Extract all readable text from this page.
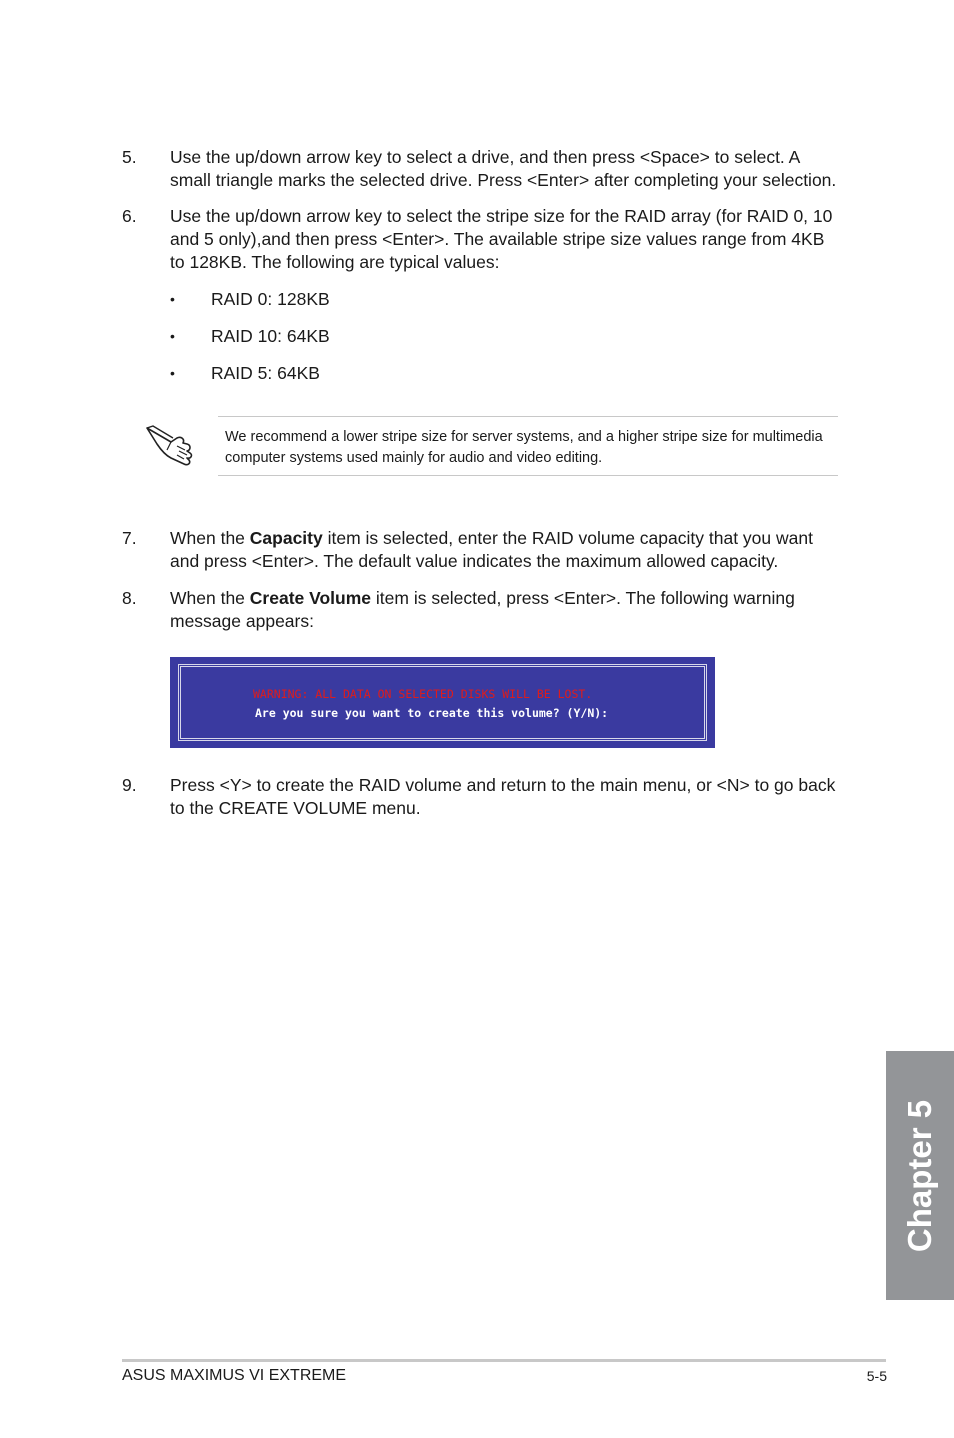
5. Use the up/down arrow key to select a drive, and then press <Space> to select. A small triangle marks the selected drive. Press <Enter> after completing your selection.
6. Use the up/down arrow key to select the stripe size for the RAID array (for RAID 0, 10 and 5 only),and then press <Enter>. The available stripe size values range from 4KB to 128KB. The following are typical values:
• RAID 0: 128KB
• RAID 10: 64KB
• RAID 5: 64KB
We recommend a lower stripe size for server systems, and a higher stripe size for multimedia computer systems used mainly for audio and video editing.
7. When the Capacity item is selected, enter the RAID volume capacity that you want and press <Enter>. The default value indicates the maximum allowed capacity.
8. When the Create Volume item is selected, press <Enter>. The following warning message appears:
WARNING: ALL DATA ON SELECTED DISKS WILL BE LOST.
Are you sure you want to create this volume? (Y/N):
9. Press <Y> to create the RAID volume and return to the main menu, or <N> to go back to the CREATE VOLUME menu.
Chapter 5
ASUS MAXIMUS VI EXTREME	5-5
